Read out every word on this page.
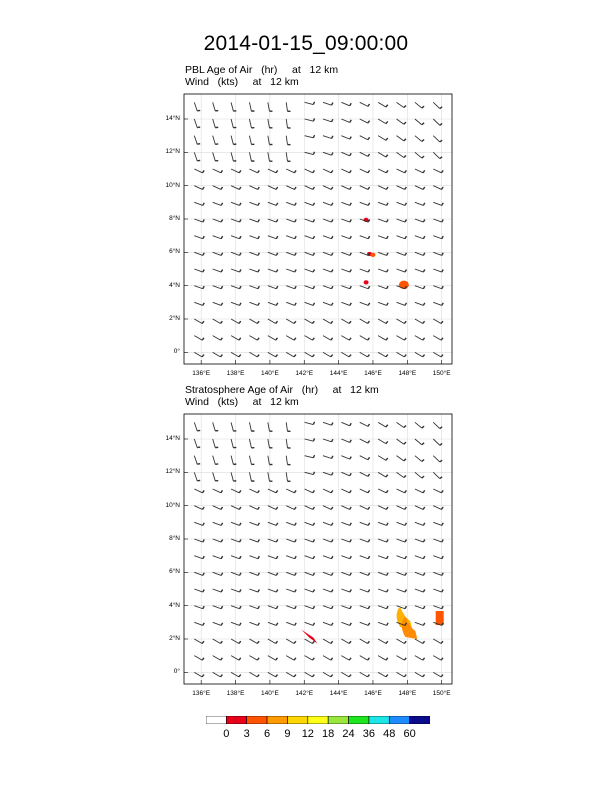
2014-01-15_09:00:00
PBL Age of Air   (hr)     at   12 km
Wind   (kts)     at   12 km
Stratosphere Age of Air   (hr)     at   12 km
Wind   (kts)     at   12 km
14°N
12°N
10°N
8°N
6°N
4°N
2°N
0°
136°E	138°E	140°E	142°E	144°E	146°E	148°E	150°E
14°N
12°N
10°N
8°N
6°N
4°N
2°N
0°
136°E	138°E	140°E	142°E	144°E	146°E	148°E	150°E
0	3	6	9	12 18 24 36 48 60
